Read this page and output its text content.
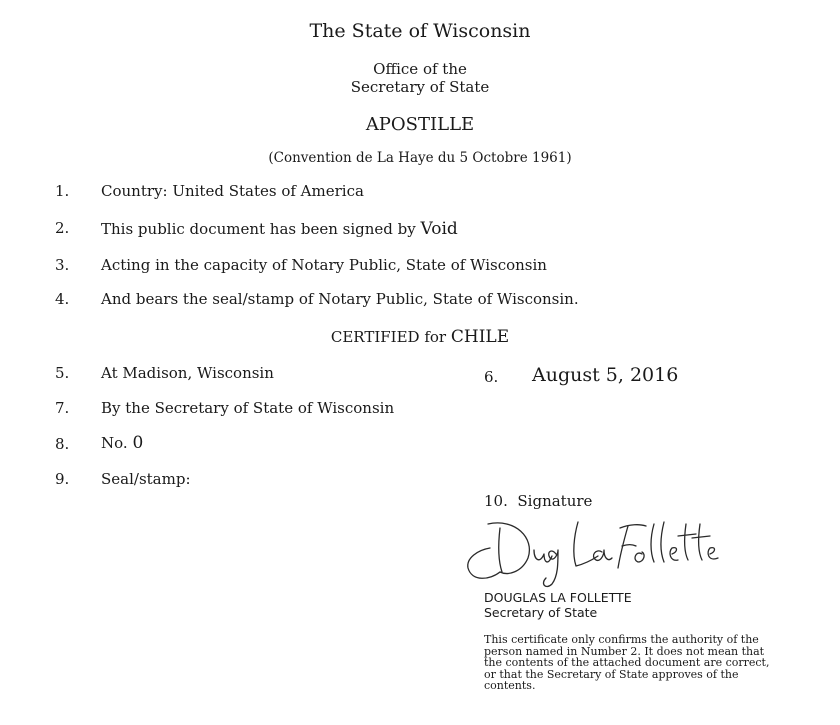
The State of Wisconsin
Office of the
Secretary of State
APOSTILLE
(Convention de La Haye du 5 Octobre 1961)
1. Country: United States of America
2. This public document has been signed by Void
3. Acting in the capacity of Notary Public, State of Wisconsin
4. And bears the seal/stamp of Notary Public, State of Wisconsin.
CERTIFIED for CHILE
5. At Madison, Wisconsin	6. August 5, 2016
7. By the Secretary of State of Wisconsin
8. No. 0
9. Seal/stamp:
10. Signature
DOUGLAS LA FOLLETTE
Secretary of State
This certificate only confirms the authority of the person named in Number 2. It does not mean that the contents of the attached document are correct, or that the Secretary of State approves of the contents.
